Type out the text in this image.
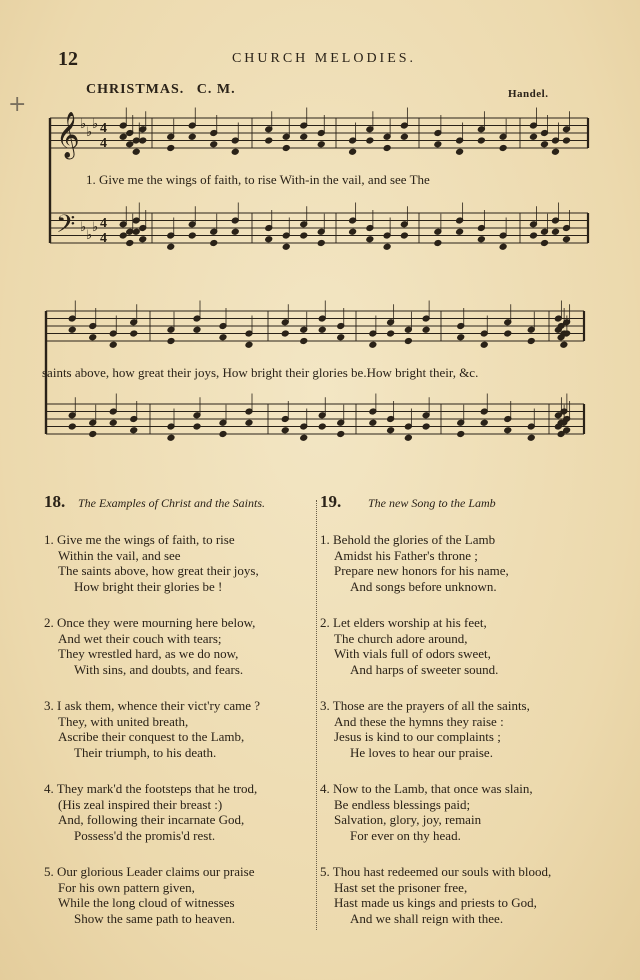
12	CHURCH MELODIES.
+
CHRISTMAS. C. M.	Handel.
𝄞
𝄢
♭
♭
♭
♭
♭
♭
4
4
4
4
1. Give me the wings of faith, to rise With-in the vail, and see The
saints above, how great their joys, How bright their glories be.How bright their, &c.
18. The Examples of Christ and the Saints.
1. Give me the wings of faith, to rise
Within the vail, and see
The saints above, how great their joys,
How bright their glories be !
2. Once they were mourning here below,
And wet their couch with tears;
They wrestled hard, as we do now,
With sins, and doubts, and fears.
3. I ask them, whence their vict'ry came ?
They, with united breath,
Ascribe their conquest to the Lamb,
Their triumph, to his death.
4. They mark'd the footsteps that he trod,
(His zeal inspired their breast :)
And, following their incarnate God,
Possess'd the promis'd rest.
5. Our glorious Leader claims our praise
For his own pattern given,
While the long cloud of witnesses
Show the same path to heaven.
19. The new Song to the Lamb
1. Behold the glories of the Lamb
Amidst his Father's throne ;
Prepare new honors for his name,
And songs before unknown.
2. Let elders worship at his feet,
The church adore around,
With vials full of odors sweet,
And harps of sweeter sound.
3. Those are the prayers of all the saints,
And these the hymns they raise :
Jesus is kind to our complaints ;
He loves to hear our praise.
4. Now to the Lamb, that once was slain,
Be endless blessings paid;
Salvation, glory, joy, remain
For ever on thy head.
5. Thou hast redeemed our souls with blood,
Hast set the prisoner free,
Hast made us kings and priests to God,
And we shall reign with thee.
